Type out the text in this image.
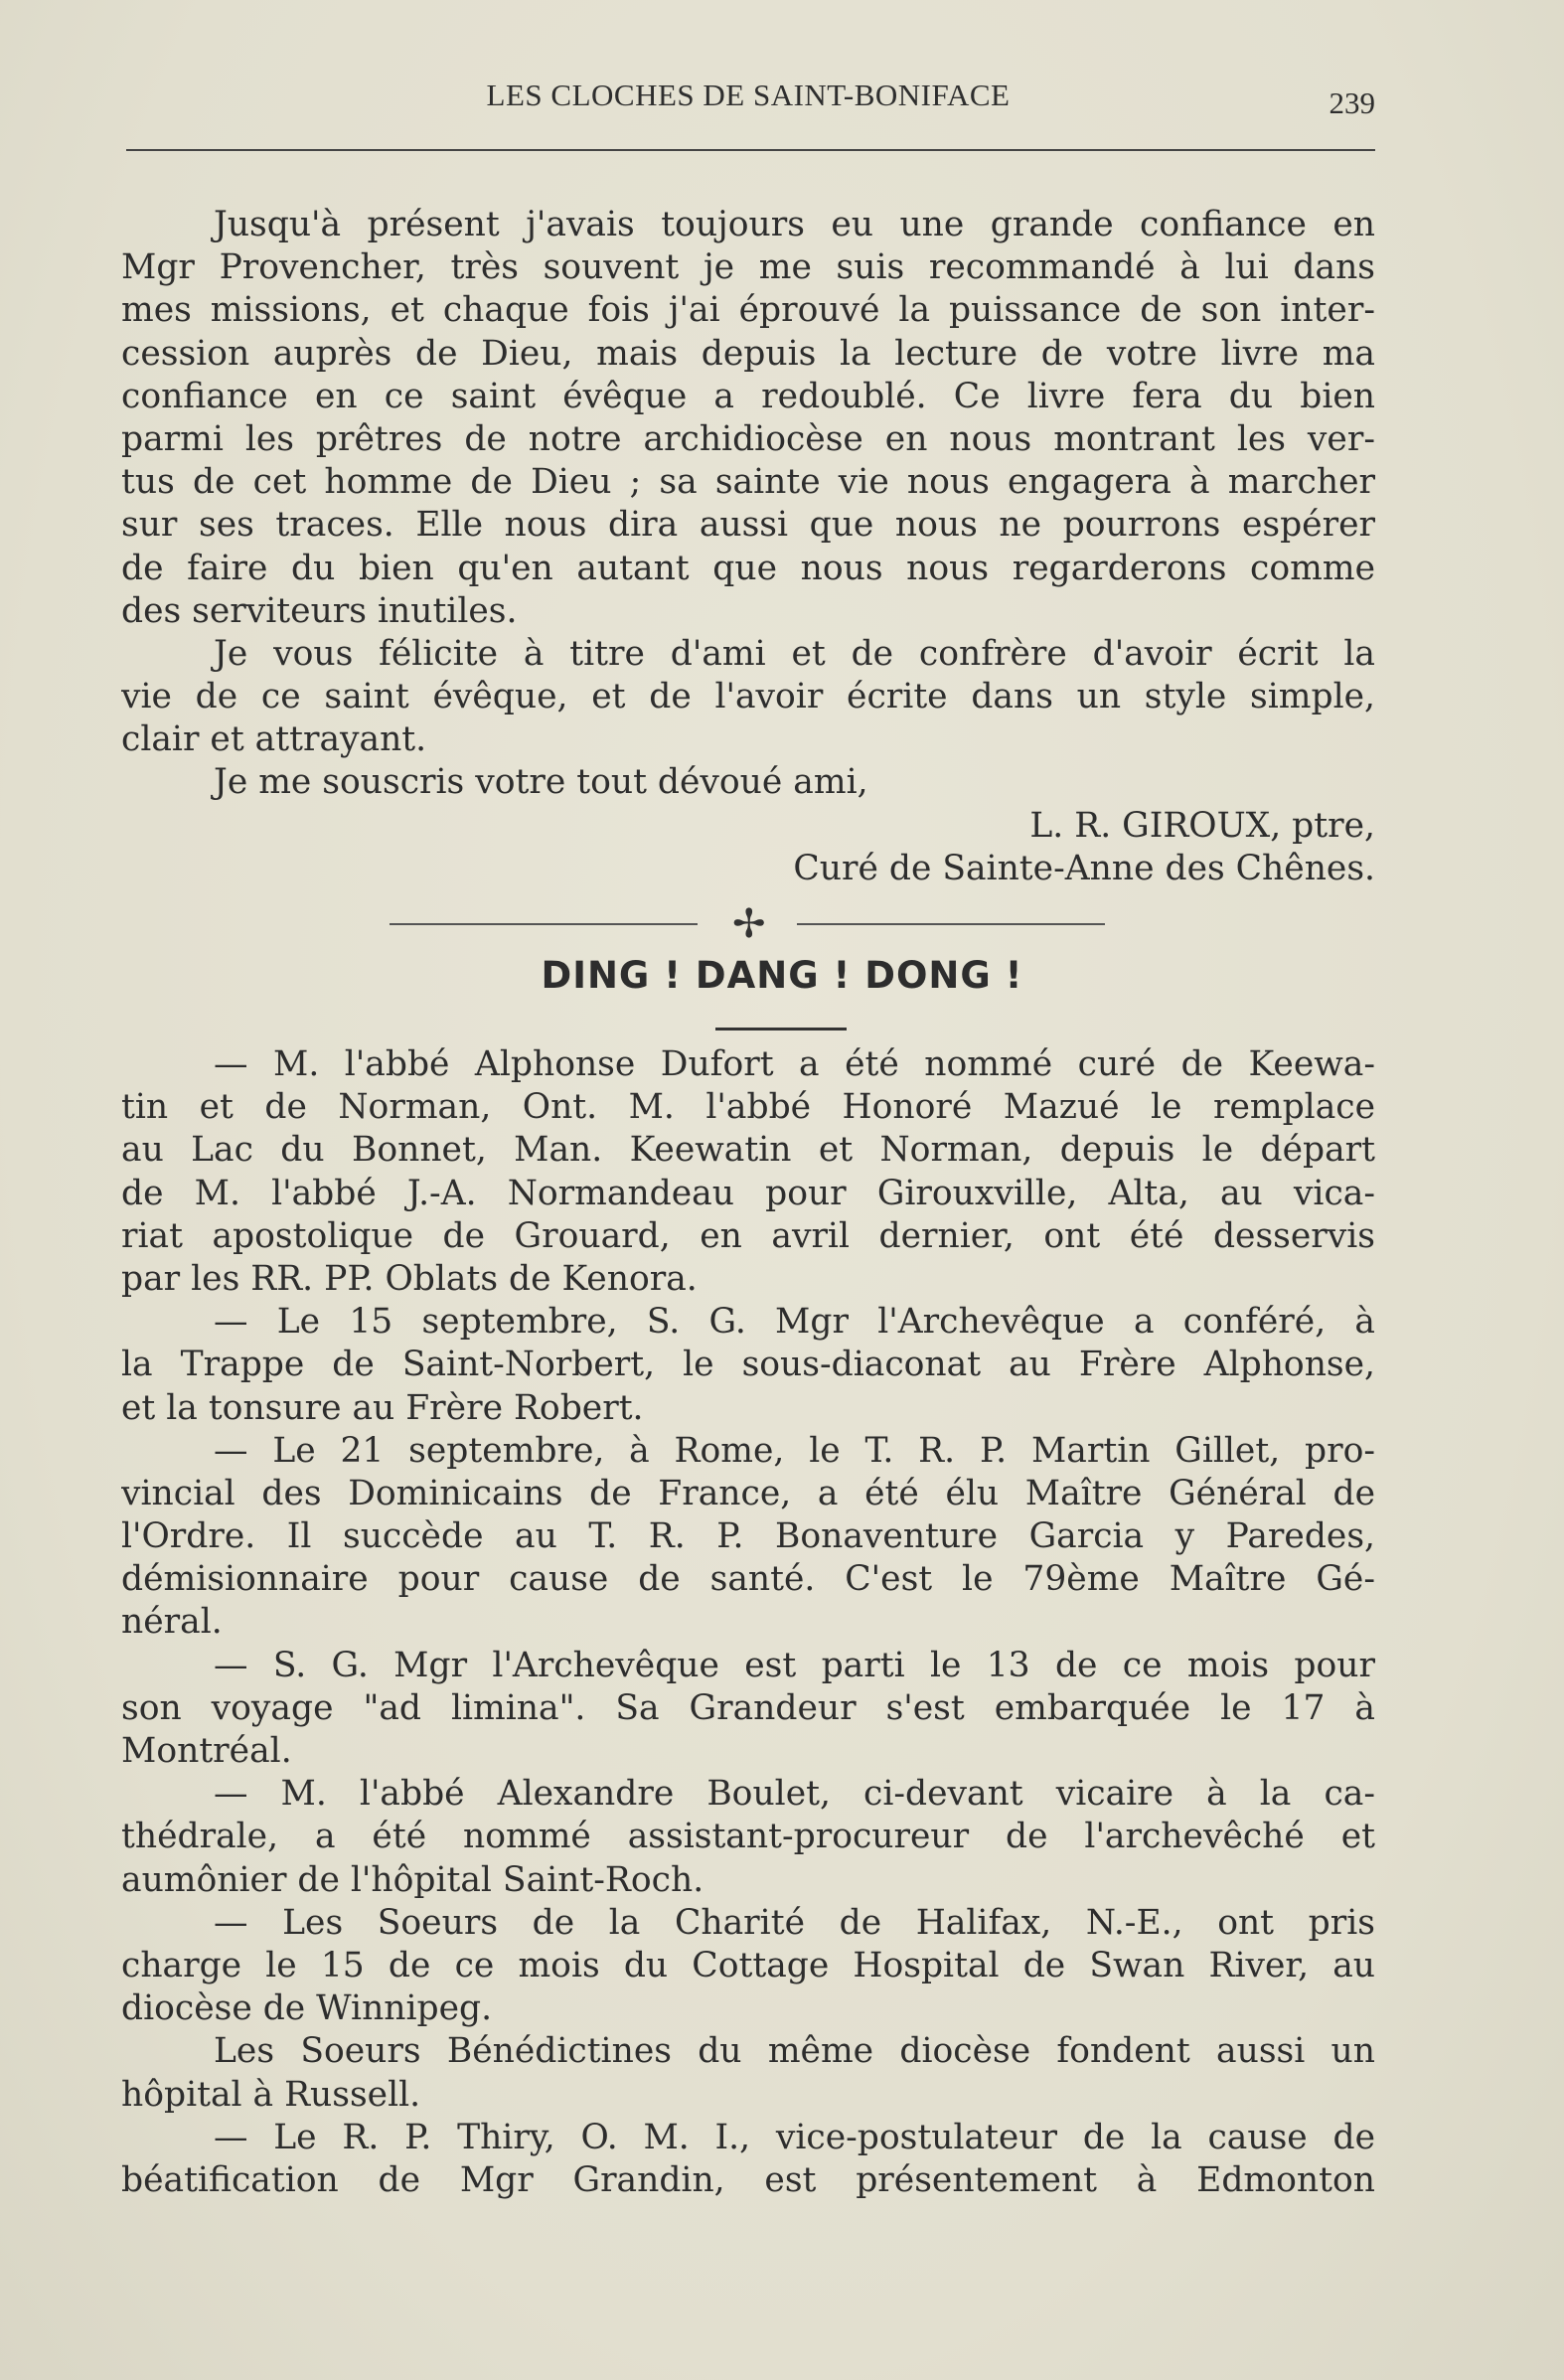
LES CLOCHES DE SAINT-BONIFACE	239
Jusqu'à présent j'avais toujours eu une grande confiance en
Mgr Provencher, très souvent je me suis recommandé à lui dans
mes missions, et chaque fois j'ai éprouvé la puissance de son inter-
cession auprès de Dieu, mais depuis la lecture de votre livre ma
confiance en ce saint évêque a redoublé. Ce livre fera du bien
parmi les prêtres de notre archidiocèse en nous montrant les ver-
tus de cet homme de Dieu ; sa sainte vie nous engagera à marcher
sur ses traces. Elle nous dira aussi que nous ne pourrons espérer
de faire du bien qu'en autant que nous nous regarderons comme
des serviteurs inutiles.
Je vous félicite à titre d'ami et de confrère d'avoir écrit la
vie de ce saint évêque, et de l'avoir écrite dans un style simple,
clair et attrayant.
Je me souscris votre tout dévoué ami,
L. R. GIROUX, ptre,
Curé de Sainte-Anne des Chênes.
✢
DING ! DANG ! DONG !
— M. l'abbé Alphonse Dufort a été nommé curé de Keewa-
tin et de Norman, Ont. M. l'abbé Honoré Mazué le remplace
au Lac du Bonnet, Man. Keewatin et Norman, depuis le départ
de M. l'abbé J.-A. Normandeau pour Girouxville, Alta, au vica-
riat apostolique de Grouard, en avril dernier, ont été desservis
par les RR. PP. Oblats de Kenora.
— Le 15 septembre, S. G. Mgr l'Archevêque a conféré, à
la Trappe de Saint-Norbert, le sous-diaconat au Frère Alphonse,
et la tonsure au Frère Robert.
— Le 21 septembre, à Rome, le T. R. P. Martin Gillet, pro-
vincial des Dominicains de France, a été élu Maître Général de
l'Ordre. Il succède au T. R. P. Bonaventure Garcia y Paredes,
démisionnaire pour cause de santé. C'est le 79ème Maître Gé-
néral.
— S. G. Mgr l'Archevêque est parti le 13 de ce mois pour
son voyage "ad limina". Sa Grandeur s'est embarquée le 17 à
Montréal.
— M. l'abbé Alexandre Boulet, ci-devant vicaire à la ca-
thédrale, a été nommé assistant-procureur de l'archevêché et
aumônier de l'hôpital Saint-Roch.
— Les Soeurs de la Charité de Halifax, N.-E., ont pris
charge le 15 de ce mois du Cottage Hospital de Swan River, au
diocèse de Winnipeg.
Les Soeurs Bénédictines du même diocèse fondent aussi un
hôpital à Russell.
— Le R. P. Thiry, O. M. I., vice-postulateur de la cause de
béatification de Mgr Grandin, est présentement à Edmonton
